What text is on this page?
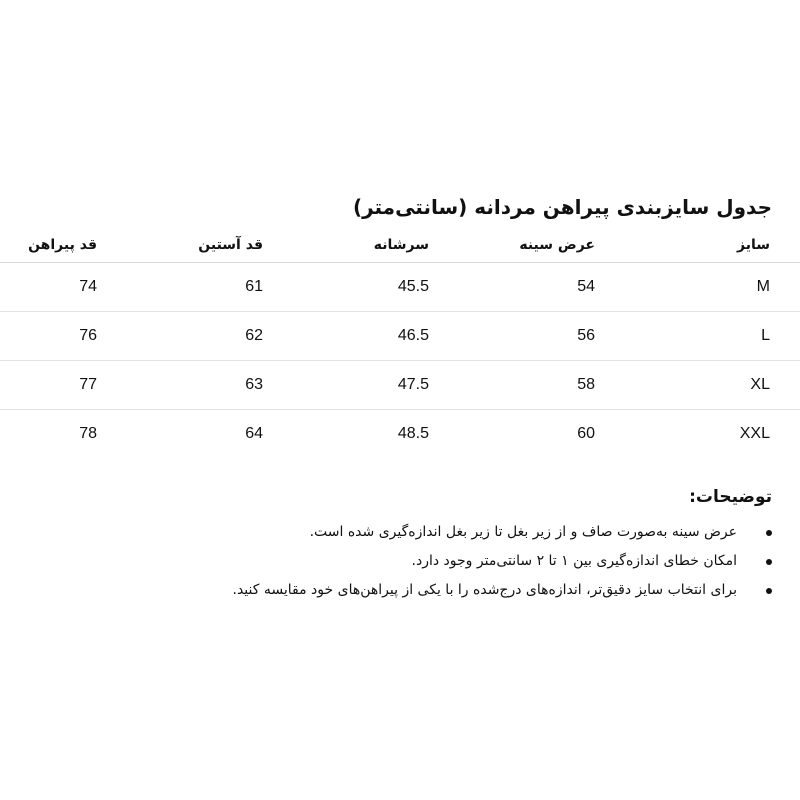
جدول سایزبندی پیراهن مردانه (سانتی‌متر)
سایز	عرض سینه	سرشانه	قد آستین	قد پیراهن
M	54	45.5	61	74
L	56	46.5	62	76
XL	58	47.5	63	77
XXL	60	48.5	64	78
توضیحات:
عرض سینه به‌صورت صاف و از زیر بغل تا زیر بغل اندازه‌گیری شده است.
امکان خطای اندازه‌گیری بین ۱ تا ۲ سانتی‌متر وجود دارد.
برای انتخاب سایز دقیق‌تر، اندازه‌های درج‌شده را با یکی از پیراهن‌های خود مقایسه کنید.
